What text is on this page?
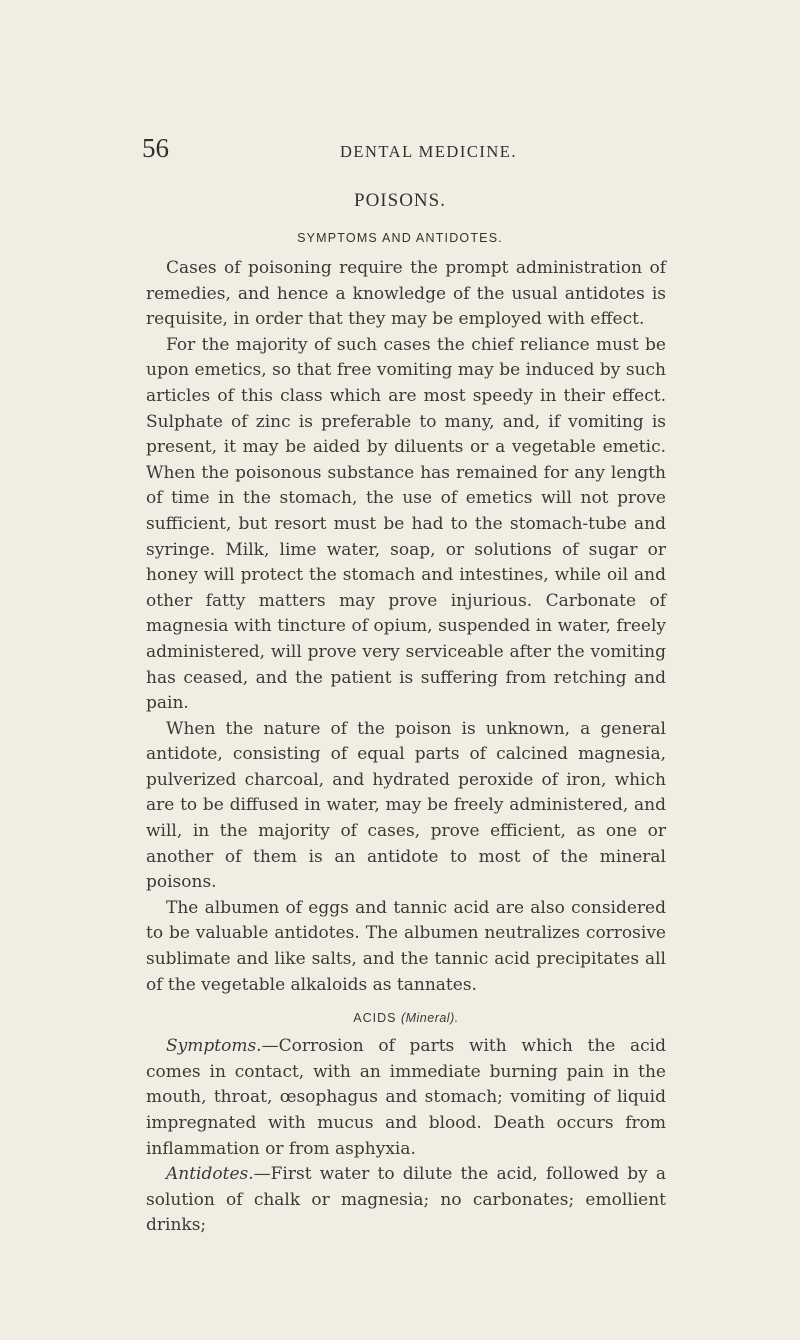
56	DENTAL MEDICINE.
POISONS.
SYMPTOMS AND ANTIDOTES.

Cases of poisoning require the prompt administration of remedies, and hence a knowledge of the usual antidotes is requisite, in order that they may be employed with effect.

For the majority of such cases the chief reliance must be upon emetics, so that free vomiting may be induced by such articles of this class which are most speedy in their effect. Sulphate of zinc is preferable to many, and, if vomiting is present, it may be aided by diluents or a vegetable emetic. When the poisonous substance has remained for any length of time in the stomach, the use of emetics will not prove sufficient, but resort must be had to the stomach-tube and syringe. Milk, lime water, soap, or solutions of sugar or honey will protect the stomach and intestines, while oil and other fatty matters may prove injurious. Carbonate of magnesia with tincture of opium, suspended in water, freely administered, will prove very serviceable after the vomiting has ceased, and the patient is suffering from retching and pain.

When the nature of the poison is unknown, a general antidote, consisting of equal parts of calcined magnesia, pulverized charcoal, and hydrated peroxide of iron, which are to be diffused in water, may be freely administered, and will, in the majority of cases, prove efficient, as one or another of them is an antidote to most of the mineral poisons.

The albumen of eggs and tannic acid are also considered to be valuable antidotes. The albumen neutralizes corrosive sublimate and like salts, and the tannic acid precipitates all of the vegetable alkaloids as tannates.

ACIDS (Mineral).

Symptoms.—Corrosion of parts with which the acid comes in contact, with an immediate burning pain in the mouth, throat, œsophagus and stomach; vomiting of liquid impregnated with mucus and blood. Death occurs from inflammation or from asphyxia.

Antidotes.—First water to dilute the acid, followed by a solution of chalk or magnesia; no carbonates; emollient drinks;
